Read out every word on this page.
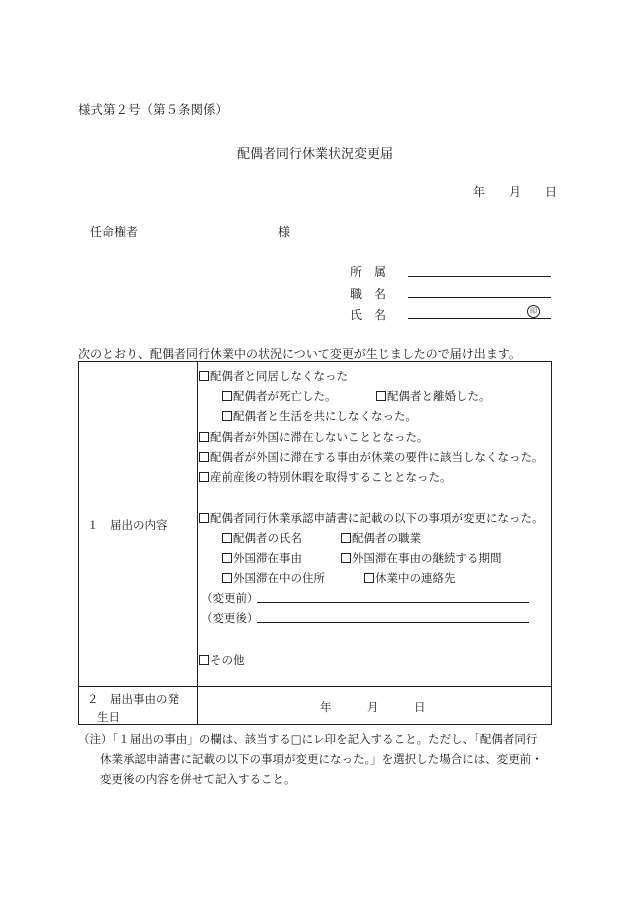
様式第２号（第５条関係）
配偶者同行休業状況変更届
年 月 日
任命権者	様
所　属
職　名
氏　名	印
次のとおり、配偶者同行休業中の状況について変更が生じましたので届け出ます。
１　届出の内容
配偶者と同居しなくなった
配偶者が死亡した。	配偶者と離婚した。
配偶者と生活を共にしなくなった。
配偶者が外国に滞在しないこととなった。
配偶者が外国に滞在する事由が休業の要件に該当しなくなった。
産前産後の特別休暇を取得することとなった。
配偶者同行休業承認申請書に記載の以下の事項が変更になった。
配偶者の氏名	配偶者の職業
外国滞在事由	外国滞在事由の継続する期間
外国滞在中の住所	休業中の連絡先
（変更前）
（変更後）
その他
２　届出事由の発
生日
年	月	日
（注）「１届出の事由」の欄は、該当する□にレ印を記入すること。ただし、「配偶者同行
休業承認申請書に記載の以下の事項が変更になった。」を選択した場合には、変更前・
変更後の内容を併せて記入すること。
